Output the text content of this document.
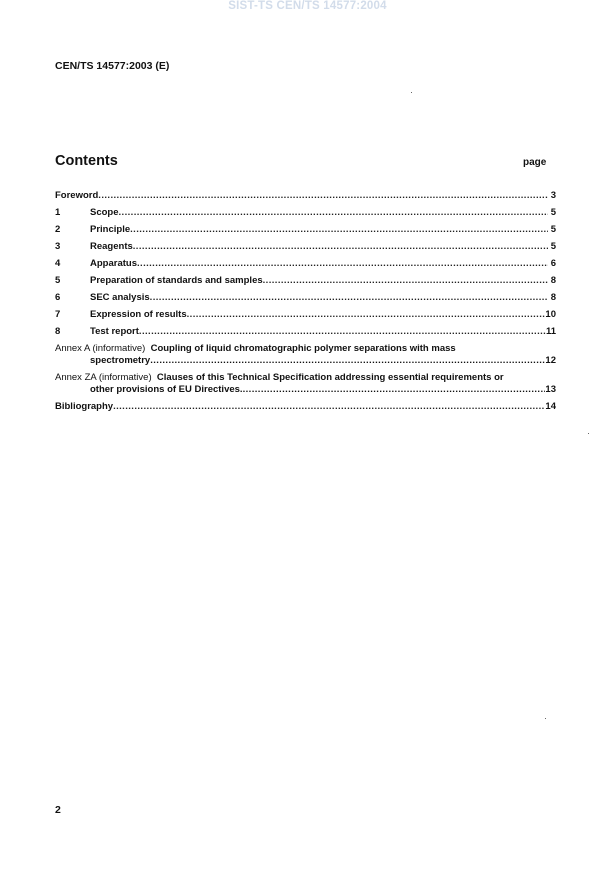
SIST-TS CEN/TS 14577:2004
CEN/TS 14577:2003 (E)
Contents	page
Foreword .....	3
1	Scope .....	5
2	Principle .....	5
3	Reagents .....	5
4	Apparatus .....	6
5	Preparation of standards and samples .....	8
6	SEC analysis .....	8
7	Expression of results .....	10
8	Test report .....	11
Annex A (informative) Coupling of liquid chromatographic polymer separations with mass
spectrometry .....	12
Annex ZA (informative) Clauses of this Technical Specification addressing essential requirements or
other provisions of EU Directives. .....	13
Bibliography .....	14
2
